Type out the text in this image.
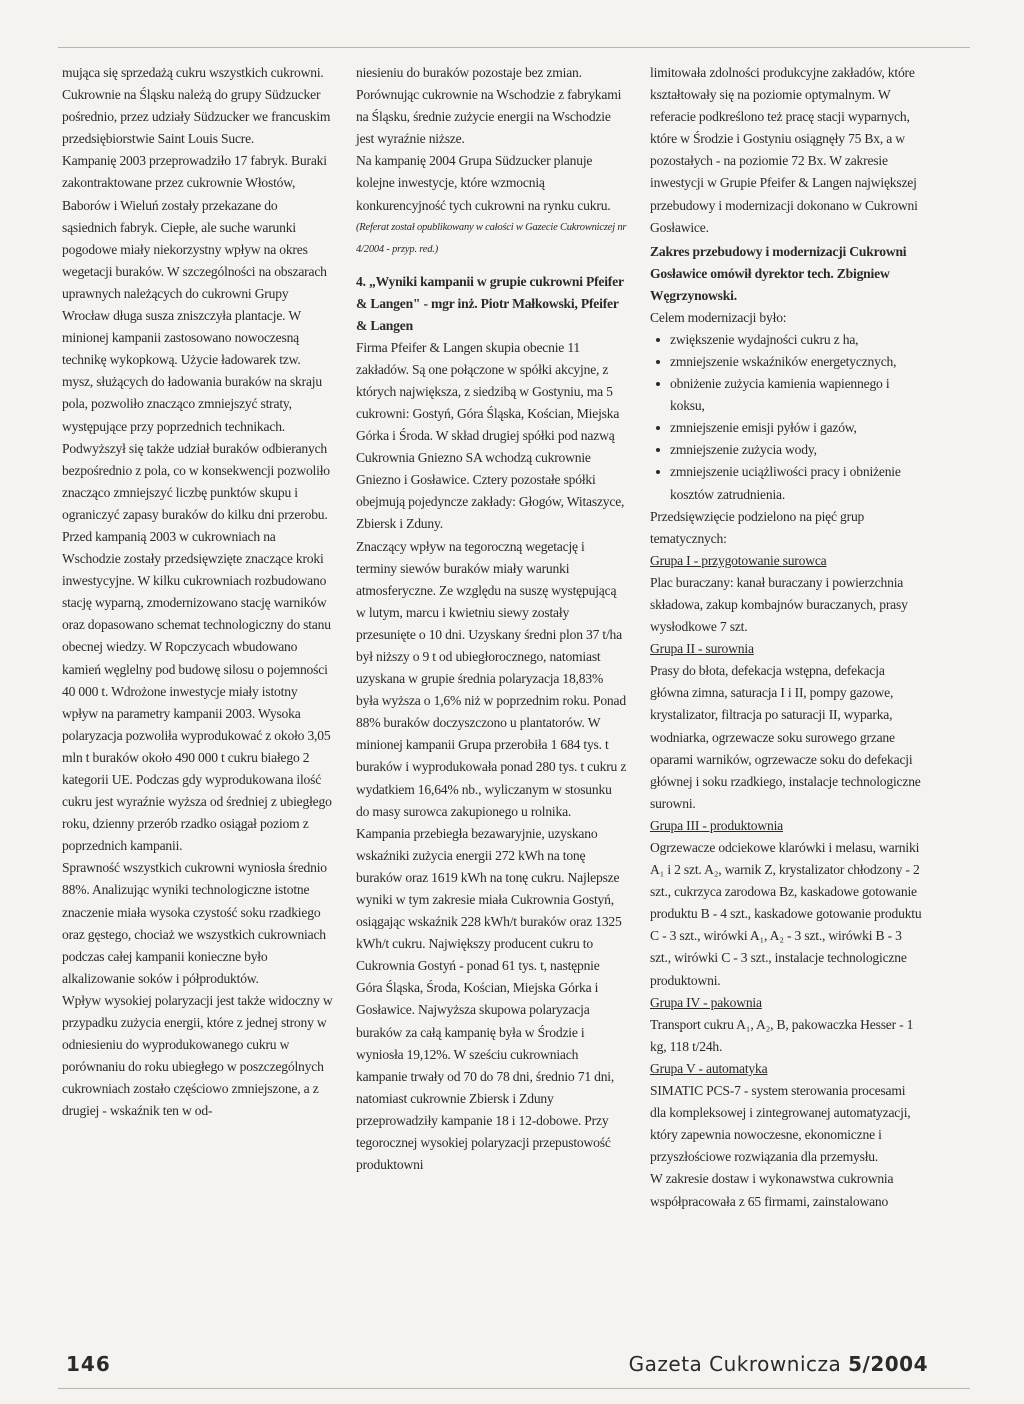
mująca się sprzedażą cukru wszystkich cukrowni. Cukrownie na Śląsku należą do grupy Südzucker pośrednio, przez udziały Südzucker we francuskim przedsiębiorstwie Saint Louis Sucre.

Kampanię 2003 przeprowadziło 17 fabryk. Buraki zakontraktowane przez cukrownie Włostów, Baborów i Wieluń zostały przekazane do sąsiednich fabryk. Ciepłe, ale suche warunki pogodowe miały niekorzystny wpływ na okres wegetacji buraków. W szczególności na obszarach uprawnych należących do cukrowni Grupy Wrocław długa susza zniszczyła plantacje. W minionej kampanii zastosowano nowoczesną technikę wykopkową. Użycie ładowarek tzw. mysz, służących do ładowania buraków na skraju pola, pozwoliło znacząco zmniejszyć straty, występujące przy poprzednich technikach. Podwyższył się także udział buraków odbieranych bezpośrednio z pola, co w konsekwencji pozwoliło znacząco zmniejszyć liczbę punktów skupu i ograniczyć zapasy buraków do kilku dni przerobu.

Przed kampanią 2003 w cukrowniach na Wschodzie zostały przedsięwzięte znaczące kroki inwestycyjne. W kilku cukrowniach rozbudowano stację wyparną, zmodernizowano stację warników oraz dopasowano schemat technologiczny do stanu obecnej wiedzy. W Ropczycach wbudowano kamień węglelny pod budowę silosu o pojemności 40 000 t. Wdrożone inwestycje miały istotny wpływ na parametry kampanii 2003. Wysoka polaryzacja pozwoliła wyprodukować z około 3,05 mln t buraków około 490 000 t cukru białego 2 kategorii UE. Podczas gdy wyprodukowana ilość cukru jest wyraźnie wyższa od średniej z ubiegłego roku, dzienny przerób rzadko osiągał poziom z poprzednich kampanii.

Sprawność wszystkich cukrowni wyniosła średnio 88%. Analizując wyniki technologiczne istotne znaczenie miała wysoka czystość soku rzadkiego oraz gęstego, chociaż we wszystkich cukrowniach podczas całej kampanii konieczne było alkalizowanie soków i półproduktów.

Wpływ wysokiej polaryzacji jest także widoczny w przypadku zużycia energii, które z jednej strony w odniesieniu do wyprodukowanego cukru w porównaniu do roku ubiegłego w poszczególnych cukrowniach zostało częściowo zmniejszone, a z drugiej - wskaźnik ten w od-

niesieniu do buraków pozostaje bez zmian. Porównując cukrownie na Wschodzie z fabrykami na Śląsku, średnie zużycie energii na Wschodzie jest wyraźnie niższe.

Na kampanię 2004 Grupa Südzucker planuje kolejne inwestycje, które wzmocnią konkurencyjność tych cukrowni na rynku cukru.

(Referat został opublikowany w całości w Gazecie Cukrowniczej nr 4/2004 - przyp. red.)

4. „Wyniki kampanii w grupie cukrowni Pfeifer & Langen" - mgr inż. Piotr Małkowski, Pfeifer & Langen

Firma Pfeifer & Langen skupia obecnie 11 zakładów. Są one połączone w spółki akcyjne, z których największa, z siedzibą w Gostyniu, ma 5 cukrowni: Gostyń, Góra Śląska, Kościan, Miejska Górka i Środa. W skład drugiej spółki pod nazwą Cukrownia Gniezno SA wchodzą cukrownie Gniezno i Gosławice. Cztery pozostałe spółki obejmują pojedyncze zakłady: Głogów, Witaszyce, Zbiersk i Zduny.

Znaczący wpływ na tegoroczną wegetację i terminy siewów buraków miały warunki atmosferyczne. Ze względu na suszę występującą w lutym, marcu i kwietniu siewy zostały przesunięte o 10 dni. Uzyskany średni plon 37 t/ha był niższy o 9 t od ubiegłorocznego, natomiast uzyskana w grupie średnia polaryzacja 18,83% była wyższa o 1,6% niż w poprzednim roku. Ponad 88% buraków doczyszczono u plantatorów. W minionej kampanii Grupa przerobiła 1 684 tys. t buraków i wyprodukowała ponad 280 tys. t cukru z wydatkiem 16,64% nb., wyliczanym w stosunku do masy surowca zakupionego u rolnika.

Kampania przebiegła bezawaryjnie, uzyskano wskaźniki zużycia energii 272 kWh na tonę buraków oraz 1619 kWh na tonę cukru. Najlepsze wyniki w tym zakresie miała Cukrownia Gostyń, osiągając wskaźnik 228 kWh/t buraków oraz 1325 kWh/t cukru. Największy producent cukru to Cukrownia Gostyń - ponad 61 tys. t, następnie Góra Śląska, Środa, Kościan, Miejska Górka i Gosławice. Najwyższa skupowa polaryzacja buraków za całą kampanię była w Środzie i wyniosła 19,12%. W sześciu cukrowniach kampanie trwały od 70 do 78 dni, średnio 71 dni, natomiast cukrownie Zbiersk i Zduny przeprowadziły kampanie 18 i 12-dobowe. Przy tegorocznej wysokiej polaryzacji przepustowość produktowni

limitowała zdolności produkcyjne zakładów, które kształtowały się na poziomie optymalnym. W referacie podkreślono też pracę stacji wyparnych, które w Środzie i Gostyniu osiągnęły 75 Bx, a w pozostałych - na poziomie 72 Bx. W zakresie inwestycji w Grupie Pfeifer & Langen największej przebudowy i modernizacji dokonano w Cukrowni Gosławice.

Zakres przebudowy i modernizacji Cukrowni Gosławice omówił dyrektor tech. Zbigniew Węgrzynowski.

Celem modernizacji było:

zwiększenie wydajności cukru z ha,
zmniejszenie wskaźników energetycznych,
obniżenie zużycia kamienia wapiennego i koksu,
zmniejszenie emisji pyłów i gazów,
zmniejszenie zużycia wody,
zmniejszenie uciążliwości pracy i obniżenie kosztów zatrudnienia.

Przedsięwzięcie podzielono na pięć grup tematycznych:

Grupa I - przygotowanie surowca

Plac buraczany: kanał buraczany i powierzchnia składowa, zakup kombajnów buraczanych, prasy wysłodkowe 7 szt.

Grupa II - surownia

Prasy do błota, defekacja wstępna, defekacja główna zimna, saturacja I i II, pompy gazowe, krystalizator, filtracja po saturacji II, wyparka, wodniarka, ogrzewacze soku surowego grzane oparami warników, ogrzewacze soku do defekacji głównej i soku rzadkiego, instalacje technologiczne surowni.

Grupa III - produktownia

Ogrzewacze odciekowe klarówki i melasu, warniki A₁ i 2 szt. A₂, warnik Z, krystalizator chłodzony - 2 szt., cukrzyca zarodowa Bz, kaskadowe gotowanie produktu B - 4 szt., kaskadowe gotowanie produktu C - 3 szt., wirówki A₁, A₂ - 3 szt., wirówki B - 3 szt., wirówki C - 3 szt., instalacje technologiczne produktowni.

Grupa IV - pakownia

Transport cukru A₁, A₂, B, pakowaczka Hesser - 1 kg, 118 t/24h.

Grupa V - automatyka

SIMATIC PCS-7 - system sterowania procesami dla kompleksowej i zintegrowanej automatyzacji, który zapewnia nowoczesne, ekonomiczne i przyszłościowe rozwiązania dla przemysłu.

W zakresie dostaw i wykonawstwa cukrownia współpracowała z 65 firmami, zainstalowano

146	Gazeta Cukrownicza 5/2004
